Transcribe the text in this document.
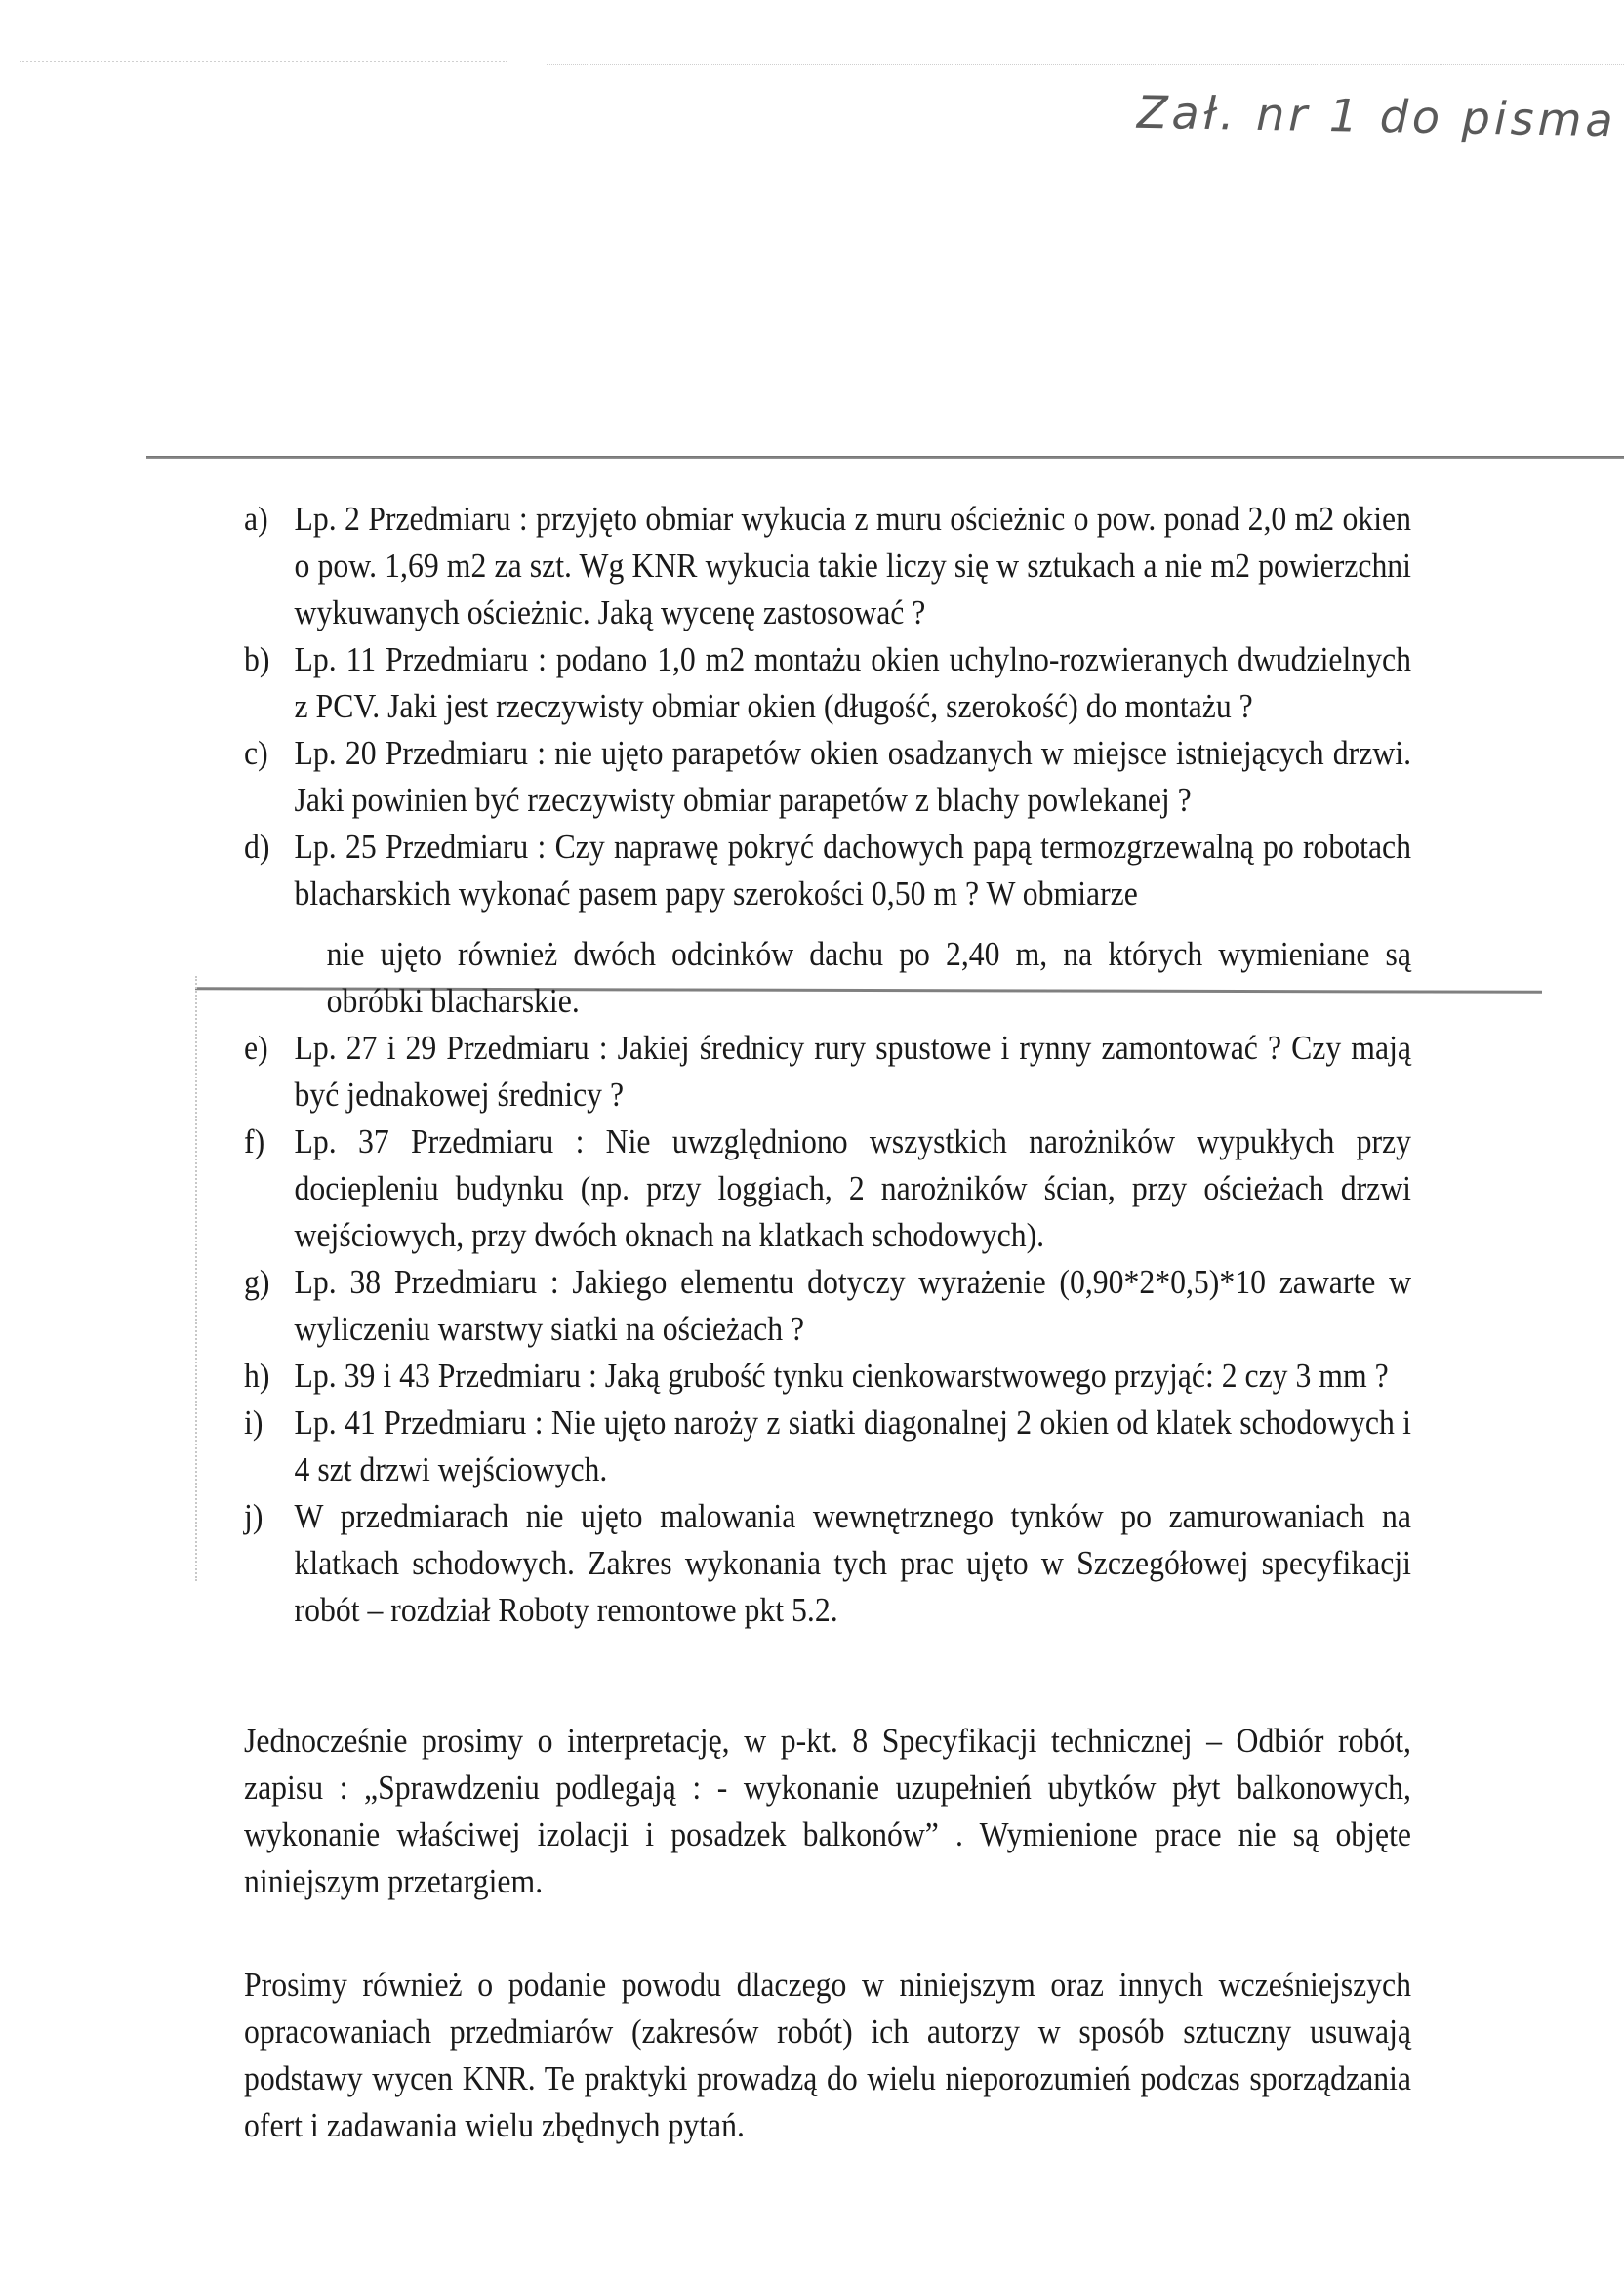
Zał. nr 1 do pisma
a) Lp. 2 Przedmiaru : przyjęto obmiar wykucia z muru ościeżnic o pow. ponad 2,0 m2 okien o pow. 1,69 m2 za szt. Wg KNR wykucia takie liczy się w sztukach a nie m2 powierzchni wykuwanych ościeżnic. Jaką wycenę zastosować ?
b) Lp. 11 Przedmiaru : podano 1,0 m2 montażu okien uchylno-rozwieranych dwudzielnych z PCV. Jaki jest rzeczywisty obmiar okien (długość, szerokość) do montażu ?
c) Lp. 20 Przedmiaru : nie ujęto parapetów okien osadzanych w miejsce istniejących drzwi. Jaki powinien być rzeczywisty obmiar parapetów z blachy powlekanej ?
d) Lp. 25 Przedmiaru : Czy naprawę pokryć dachowych papą termozgrzewalną po robotach blacharskich wykonać pasem papy szerokości 0,50 m ? W obmiarze
nie ujęto również dwóch odcinków dachu po 2,40 m, na których wymieniane są obróbki blacharskie.
e) Lp. 27 i 29 Przedmiaru : Jakiej średnicy rury spustowe i rynny zamontować ? Czy mają być jednakowej średnicy ?
f) Lp. 37 Przedmiaru : Nie uwzględniono wszystkich narożników wypukłych przy dociepleniu budynku (np. przy loggiach, 2 narożników ścian, przy ościeżach drzwi wejściowych, przy dwóch oknach na klatkach schodowych).
g) Lp. 38 Przedmiaru : Jakiego elementu dotyczy wyrażenie (0,90*2*0,5)*10 zawarte w wyliczeniu warstwy siatki na ościeżach ?
h) Lp. 39 i 43 Przedmiaru : Jaką grubość tynku cienkowarstwowego przyjąć: 2 czy 3 mm ?
i) Lp. 41 Przedmiaru : Nie ujęto naroży z siatki diagonalnej 2 okien od klatek schodowych i 4 szt drzwi wejściowych.
j) W przedmiarach nie ujęto malowania wewnętrznego tynków po zamurowaniach na klatkach schodowych. Zakres wykonania tych prac ujęto w Szczegółowej specyfikacji robót – rozdział Roboty remontowe pkt 5.2.

Jednocześnie prosimy o interpretację, w p-kt. 8 Specyfikacji technicznej – Odbiór robót, zapisu : „Sprawdzeniu podlegają : - wykonanie uzupełnień ubytków płyt balkonowych, wykonanie właściwej izolacji i posadzek balkonów” . Wymienione prace nie są objęte niniejszym przetargiem.

Prosimy również o podanie powodu dlaczego w niniejszym oraz innych wcześniejszych opracowaniach przedmiarów (zakresów robót) ich autorzy w sposób sztuczny usuwają podstawy wycen KNR. Te praktyki prowadzą do wielu nieporozumień podczas sporządzania ofert i zadawania wielu zbędnych pytań.
